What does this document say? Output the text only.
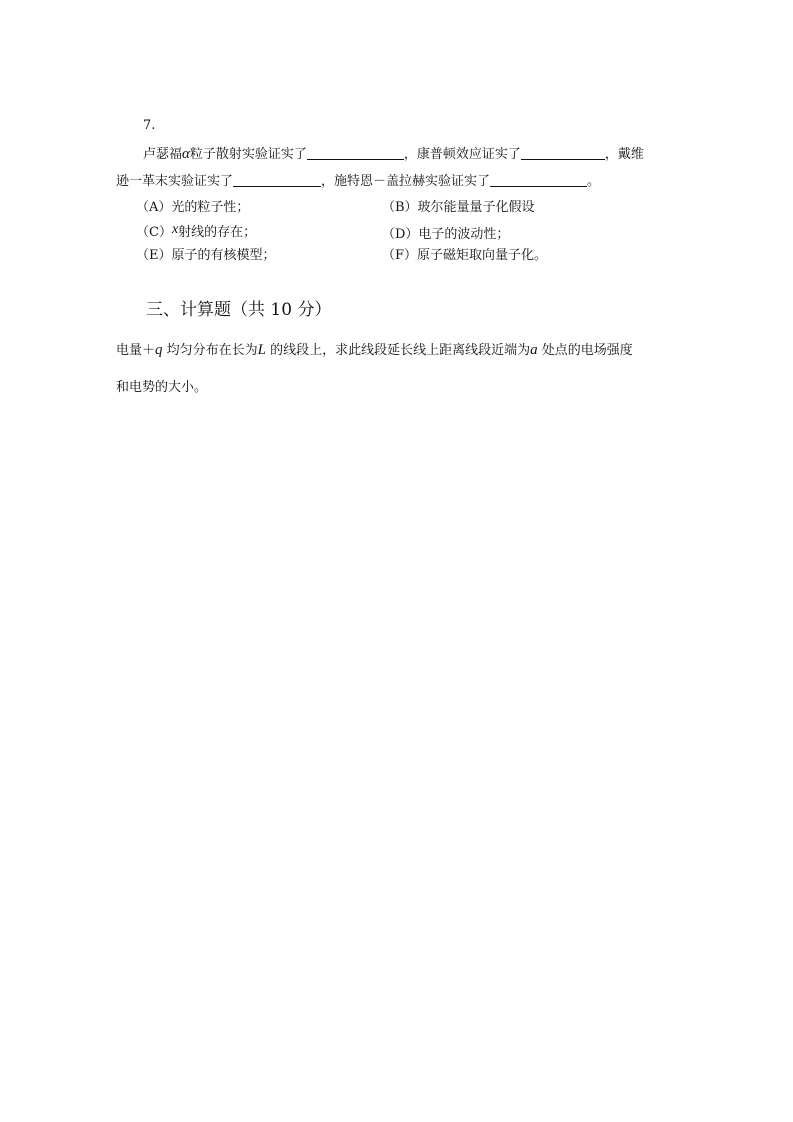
7.
卢瑟福α粒子散射实验证实了	，康普顿效应证实了	，戴维
逊一革末实验证实了	，施特恩－盖拉赫实验证实了	。
（A）光的粒子性；	（B）玻尔能量量子化假设
（C）x射线的存在；	（D）电子的波动性；
（E）原子的有核模型；	（F）原子磁矩取向量子化。
三、计算题（共 10 分）
电量＋q 均匀分布在长为L 的线段上，求此线段延长线上距离线段近端为a 处点的电场强度
和电势的大小。
